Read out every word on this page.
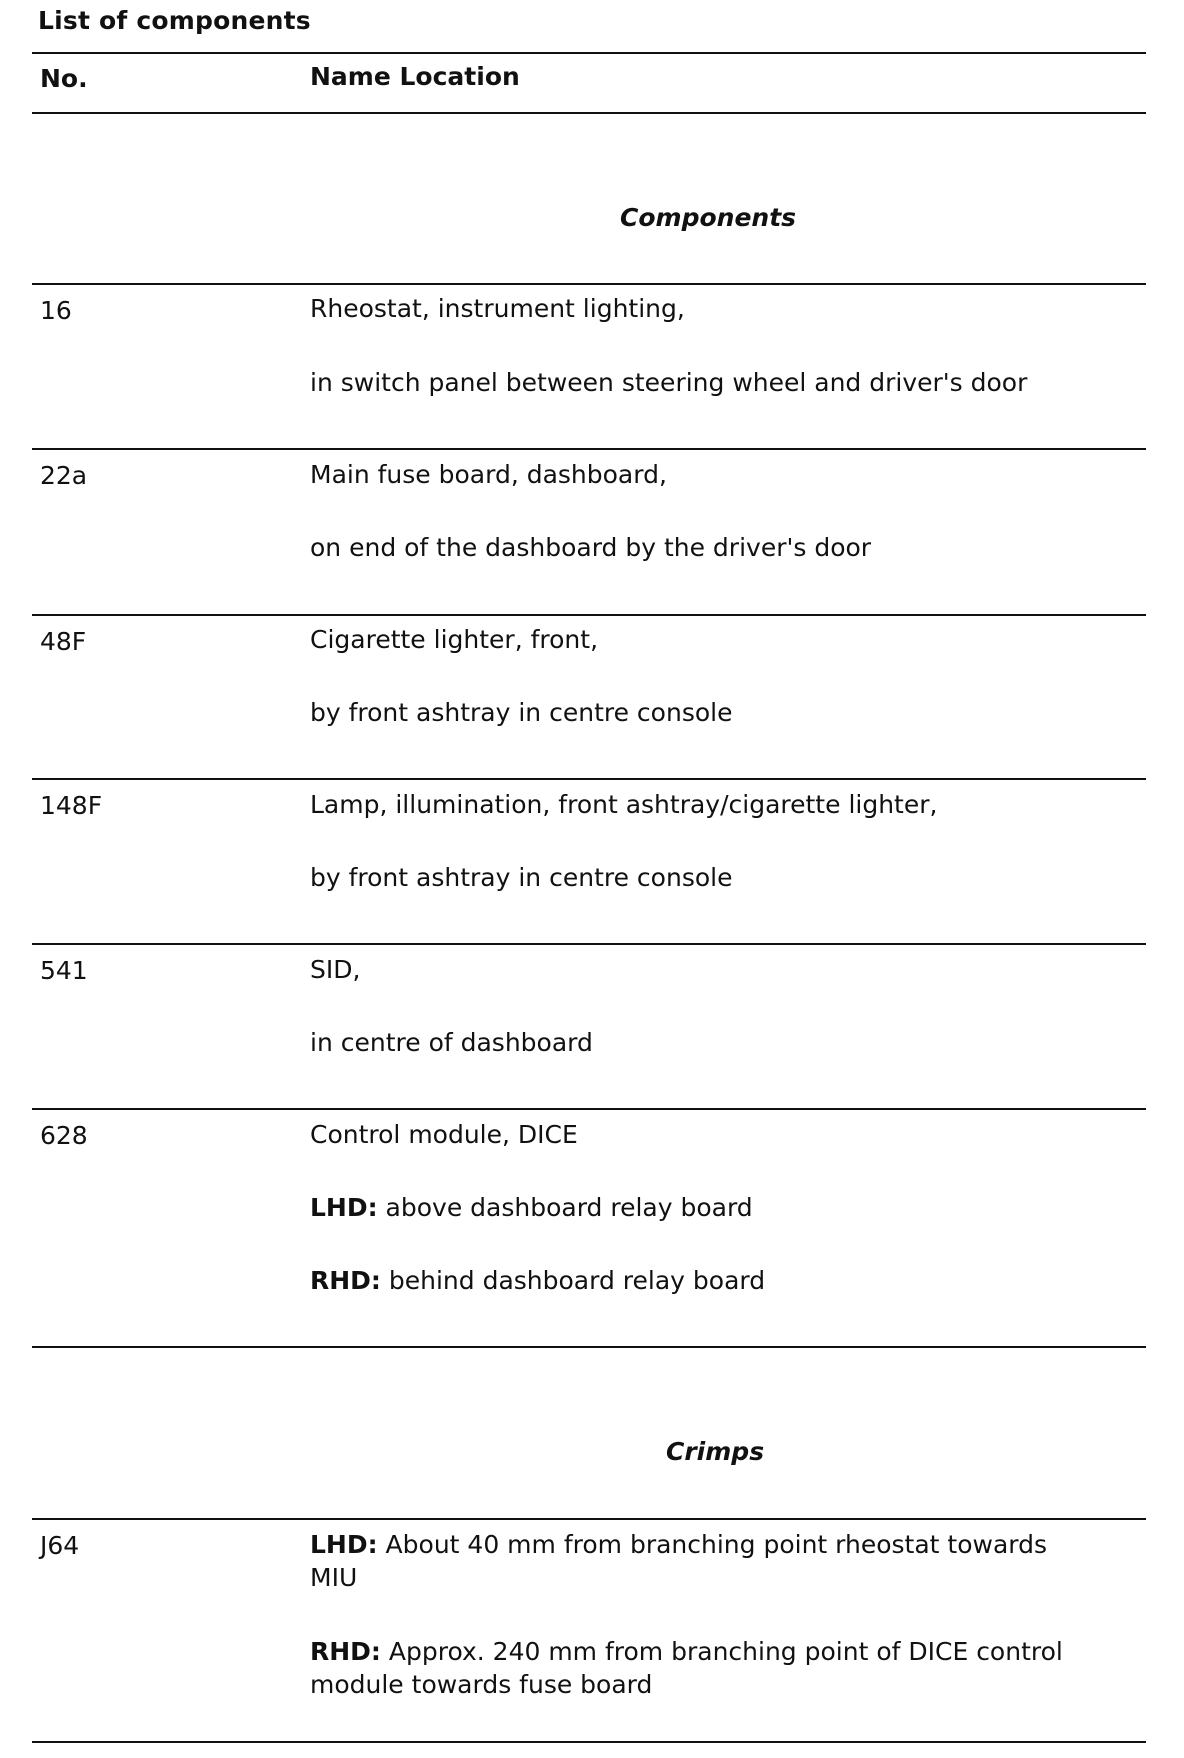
List of components
No.	Name Location
Components
16	Rheostat, instrument lighting,
in switch panel between steering wheel and driver's door
22a	Main fuse board, dashboard,
on end of the dashboard by the driver's door
48F	Cigarette lighter, front,
by front ashtray in centre console
148F	Lamp, illumination, front ashtray/cigarette lighter,
by front ashtray in centre console
541	SID,
in centre of dashboard
628	Control module, DICE
LHD: above dashboard relay board
RHD: behind dashboard relay board
Crimps
J64	LHD: About 40 mm from branching point rheostat towards MIU
RHD: Approx. 240 mm from branching point of DICE control module towards fuse board
